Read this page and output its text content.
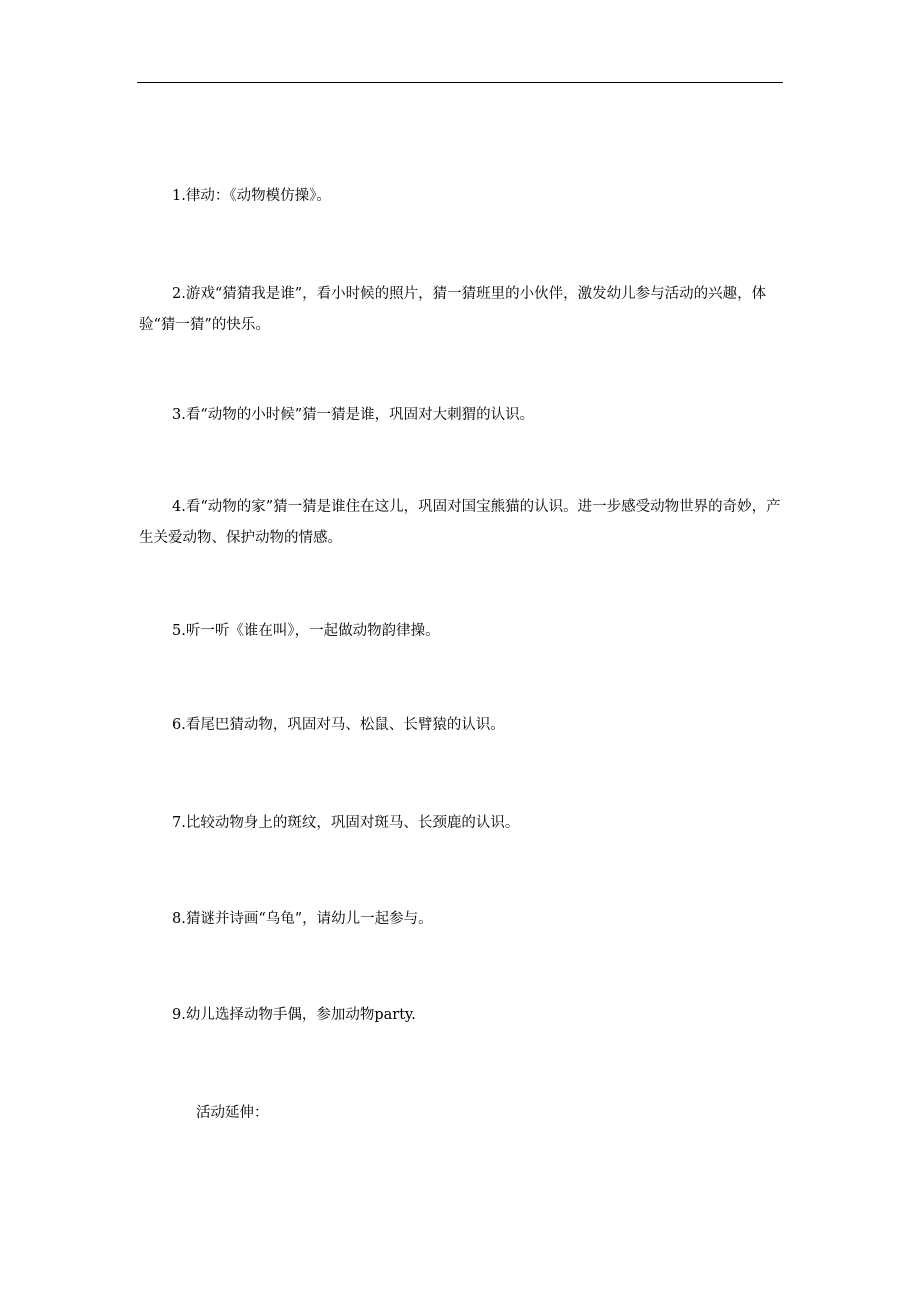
1.律动：《动物模仿操》。
2.游戏“猜猜我是谁”，看小时候的照片，猜一猜班里的小伙伴，激发幼儿参与活动的兴趣，体验“猜一猜”的快乐。
3.看“动物的小时候”猜一猜是谁，巩固对大刺猬的认识。
4.看“动物的家”猜一猜是谁住在这儿，巩固对国宝熊猫的认识。进一步感受动物世界的奇妙，产生关爱动物、保护动物的情感。
5.听一听《谁在叫》，一起做动物韵律操。
6.看尾巴猜动物，巩固对马、松鼠、长臂猿的认识。
7.比较动物身上的斑纹，巩固对斑马、长颈鹿的认识。
8.猜谜并诗画“乌龟”，请幼儿一起参与。
9.幼儿选择动物手偶，参加动物party.
活动延伸：
